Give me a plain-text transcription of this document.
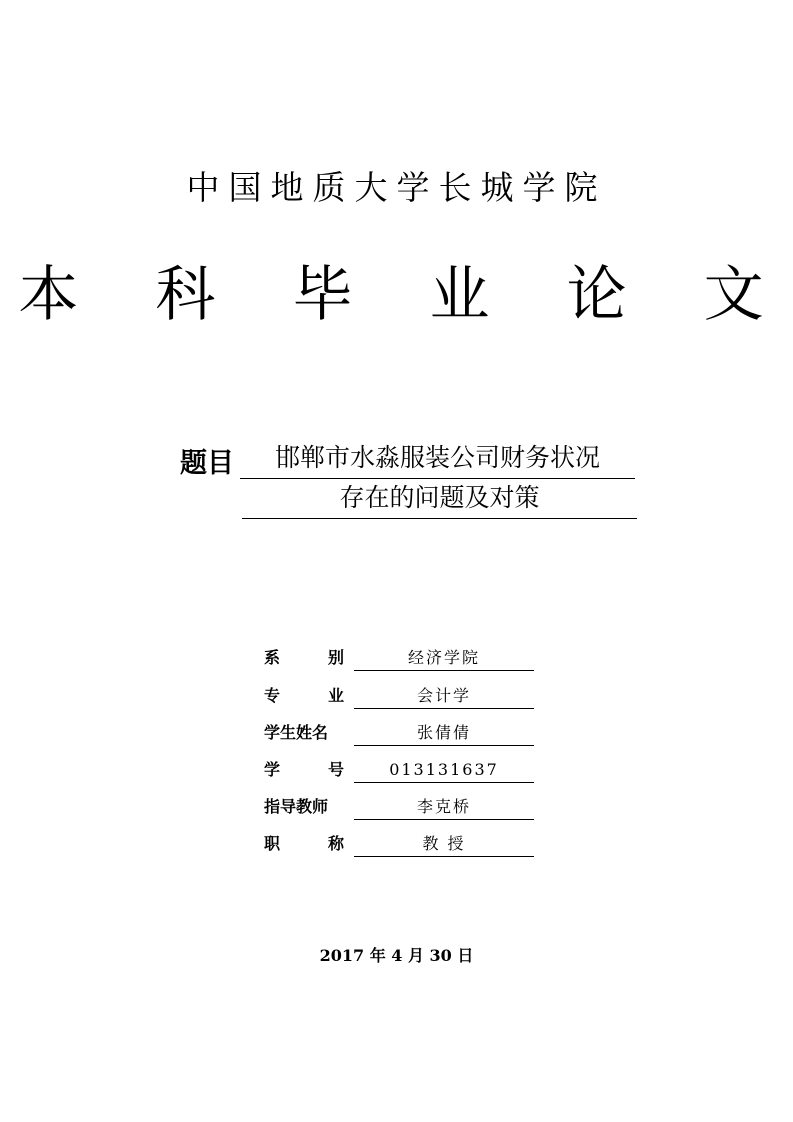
中国地质大学长城学院
本 科 毕 业 论 文
题目	邯郸市水淼服装公司财务状况
存在的问题及对策
系　　　别	经济学院
专　　　业	会计学
学生姓名	张倩倩
学　　　号	013131637
指导教师	李克桥
职　　　称	教 授
2017 年 4 月 30 日
